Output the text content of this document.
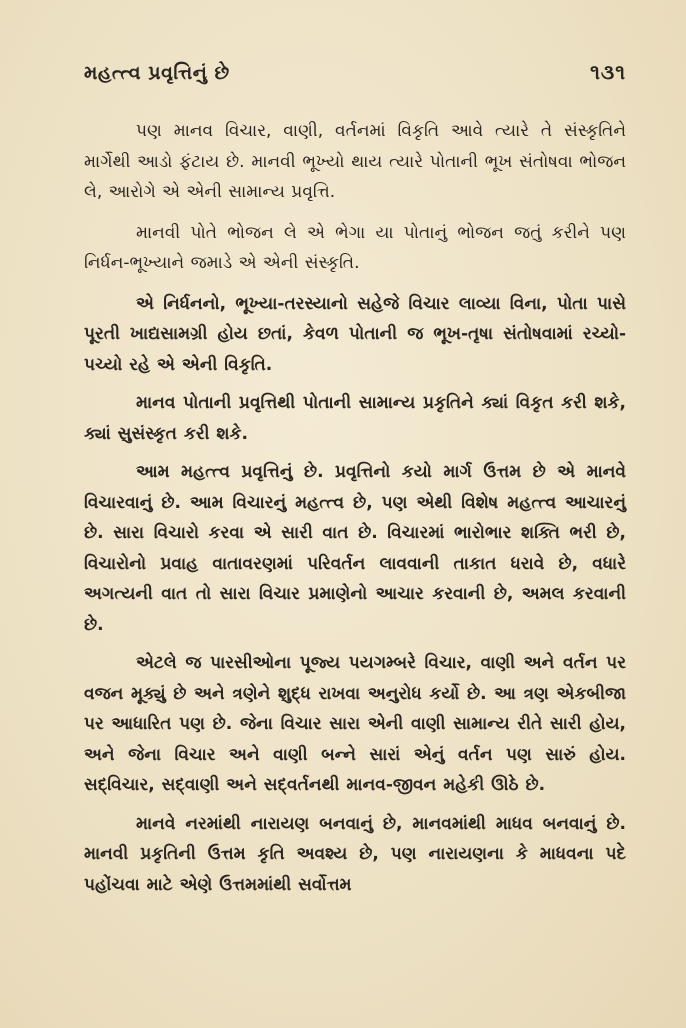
મહત્ત્વ પ્રવૃત્તિનું છે	૧૩૧

પણ માનવ વિચાર, વાણી, વર્તનમાં વિકૃતિ આવે ત્યારે તે સંસ્કૃતિને માર્ગેથી આડો ફંટાય છે. માનવી ભૂખ્યો થાય ત્યારે પોતાની ભૂખ સંતોષવા ભોજન લે, આરોગે એ એની સામાન્ય પ્રવૃત્તિ.

માનવી પોતે ભોજન લે એ ભેગા યા પોતાનું ભોજન જતું કરીને પણ નિર્ધન-ભૂખ્યાને જમાડે એ એની સંસ્કૃતિ.

એ નિર્ધનનો, ભૂખ્યા-તરસ્યાનો સહેજે વિચાર લાવ્યા વિના, પોતા પાસે પૂરતી ખાદ્યસામગ્રી હોય છતાં, કેવળ પોતાની જ ભૂખ-તૃષા સંતોષવામાં રચ્યો-પચ્યો રહે એ એની વિકૃતિ.

માનવ પોતાની પ્રવૃત્તિથી પોતાની સામાન્ય પ્રકૃતિને ક્યાં વિકૃત કરી શકે, ક્યાં સુસંસ્કૃત કરી શકે.

આમ મહત્ત્વ પ્રવૃત્તિનું છે. પ્રવૃત્તિનો કયો માર્ગ ઉત્તમ છે એ માનવે વિચારવાનું છે. આમ વિચારનું મહત્ત્વ છે, પણ એથી વિશેષ મહત્ત્વ આચારનું છે. સારા વિચારો કરવા એ સારી વાત છે. વિચારમાં ભારોભાર શક્તિ ભરી છે, વિચારોનો પ્રવાહ વાતાવરણમાં પરિવર્તન લાવવાની તાકાત ધરાવે છે, વધારે અગત્યની વાત તો સારા વિચાર પ્રમાણેનો આચાર કરવાની છે, અમલ કરવાની છે.

એટલે જ પારસીઓના પૂજ્ય પયગમ્બરે વિચાર, વાણી અને વર્તન પર વજન મૂક્યું છે અને ત્રણેને શુદ્ધ રાખવા અનુરોધ કર્યો છે. આ ત્રણ એકબીજા પર આધારિત પણ છે. જેના વિચાર સારા એની વાણી સામાન્ય રીતે સારી હોય, અને જેના વિચાર અને વાણી બન્ને સારાં એનું વર્તન પણ સારું હોય. સદ્‌વિચાર, સદ્‌વાણી અને સદ્‌વર્તનથી માનવ-જીવન મહેકી ઊઠે છે.

માનવે નરમાંથી નારાયણ બનવાનું છે, માનવમાંથી માધવ બનવાનું છે. માનવી પ્રકૃતિની ઉત્તમ કૃતિ અવશ્ય છે, પણ નારાયણના કે માધવના પદે પહોંચવા માટે એણે ઉત્તમમાંથી સર્વોત્તમ
